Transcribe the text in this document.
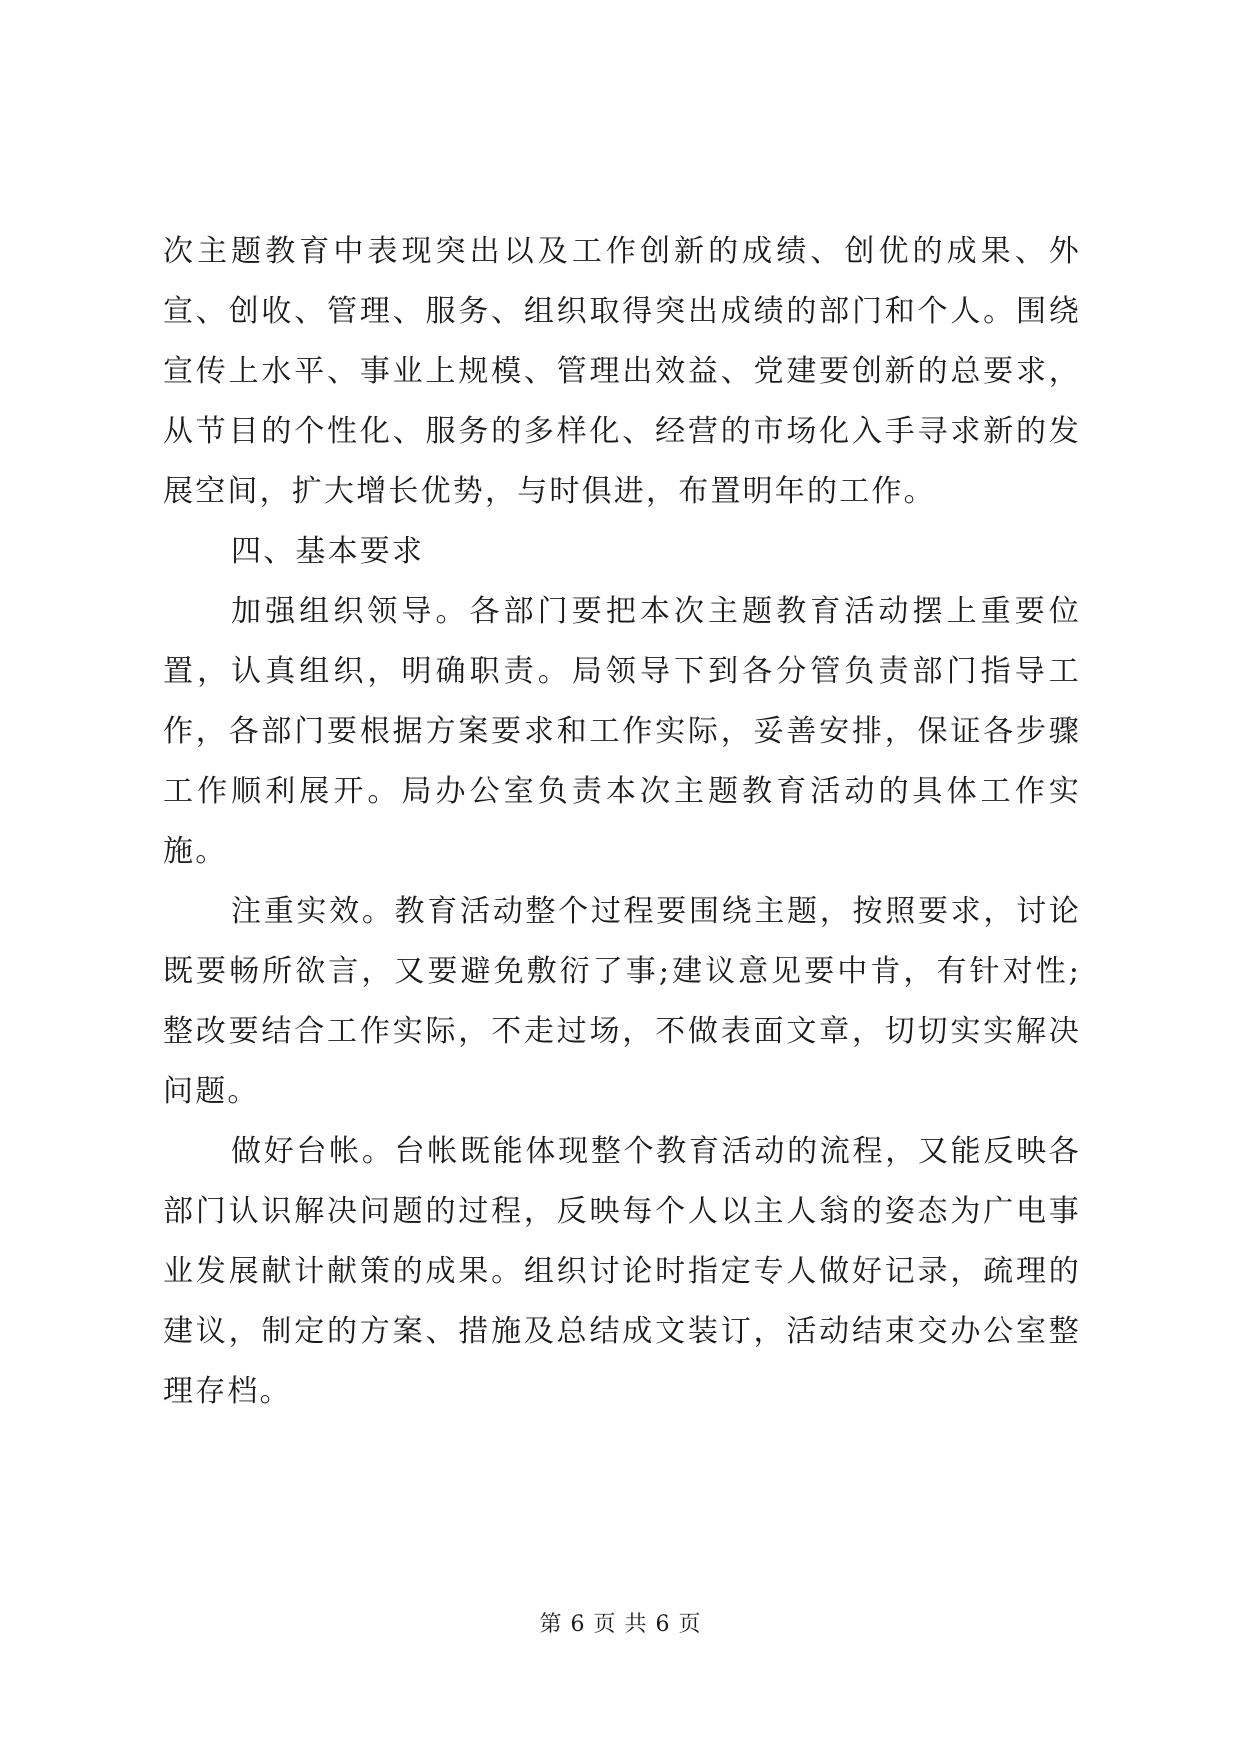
次主题教育中表现突出以及工作创新的成绩、创优的成果、外宣、创收、管理、服务、组织取得突出成绩的部门和个人。围绕宣传上水平、事业上规模、管理出效益、党建要创新的总要求，从节目的个性化、服务的多样化、经营的市场化入手寻求新的发展空间，扩大增长优势，与时俱进，布置明年的工作。

四、基本要求

加强组织领导。各部门要把本次主题教育活动摆上重要位置，认真组织，明确职责。局领导下到各分管负责部门指导工作，各部门要根据方案要求和工作实际，妥善安排，保证各步骤工作顺利展开。局办公室负责本次主题教育活动的具体工作实施。

注重实效。教育活动整个过程要围绕主题，按照要求，讨论既要畅所欲言，又要避免敷衍了事;建议意见要中肯，有针对性;整改要结合工作实际，不走过场，不做表面文章，切切实实解决问题。

做好台帐。台帐既能体现整个教育活动的流程，又能反映各部门认识解决问题的过程，反映每个人以主人翁的姿态为广电事业发展献计献策的成果。组织讨论时指定专人做好记录，疏理的建议，制定的方案、措施及总结成文装订，活动结束交办公室整理存档。

第 6 页 共 6 页
